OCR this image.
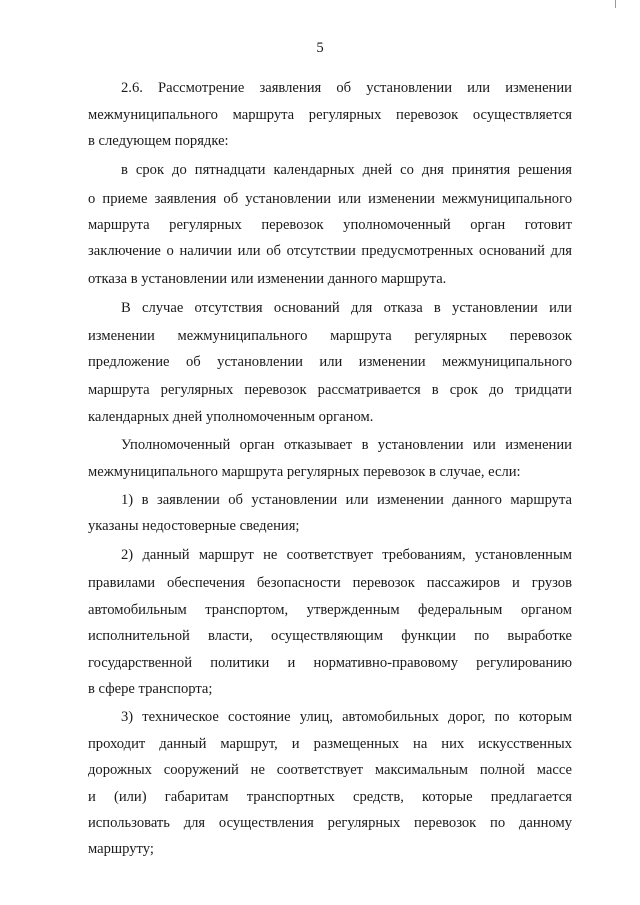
5
2.6. Рассмотрение заявления об установлении или изменении
межмуниципального маршрута регулярных перевозок осуществляется
в следующем порядке:
в срок до пятнадцати календарных дней со дня принятия решения
о приеме заявления об установлении или изменении межмуниципального
маршрута регулярных перевозок уполномоченный орган готовит
заключение о наличии или об отсутствии предусмотренных оснований для
отказа в установлении или изменении данного маршрута.
В случае отсутствия оснований для отказа в установлении или
изменении межмуниципального маршрута регулярных перевозок
предложение об установлении или изменении межмуниципального
маршрута регулярных перевозок рассматривается в срок до тридцати
календарных дней уполномоченным органом.
Уполномоченный орган отказывает в установлении или изменении
межмуниципального маршрута регулярных перевозок в случае, если:
1) в заявлении об установлении или изменении данного маршрута
указаны недостоверные сведения;
2) данный маршрут не соответствует требованиям, установленным
правилами обеспечения безопасности перевозок пассажиров и грузов
автомобильным транспортом, утвержденным федеральным органом
исполнительной власти, осуществляющим функции по выработке
государственной политики и нормативно-правовому регулированию
в сфере транспорта;
3) техническое состояние улиц, автомобильных дорог, по которым
проходит данный маршрут, и размещенных на них искусственных
дорожных сооружений не соответствует максимальным полной массе
и (или) габаритам транспортных средств, которые предлагается
использовать для осуществления регулярных перевозок по данному
маршруту;
